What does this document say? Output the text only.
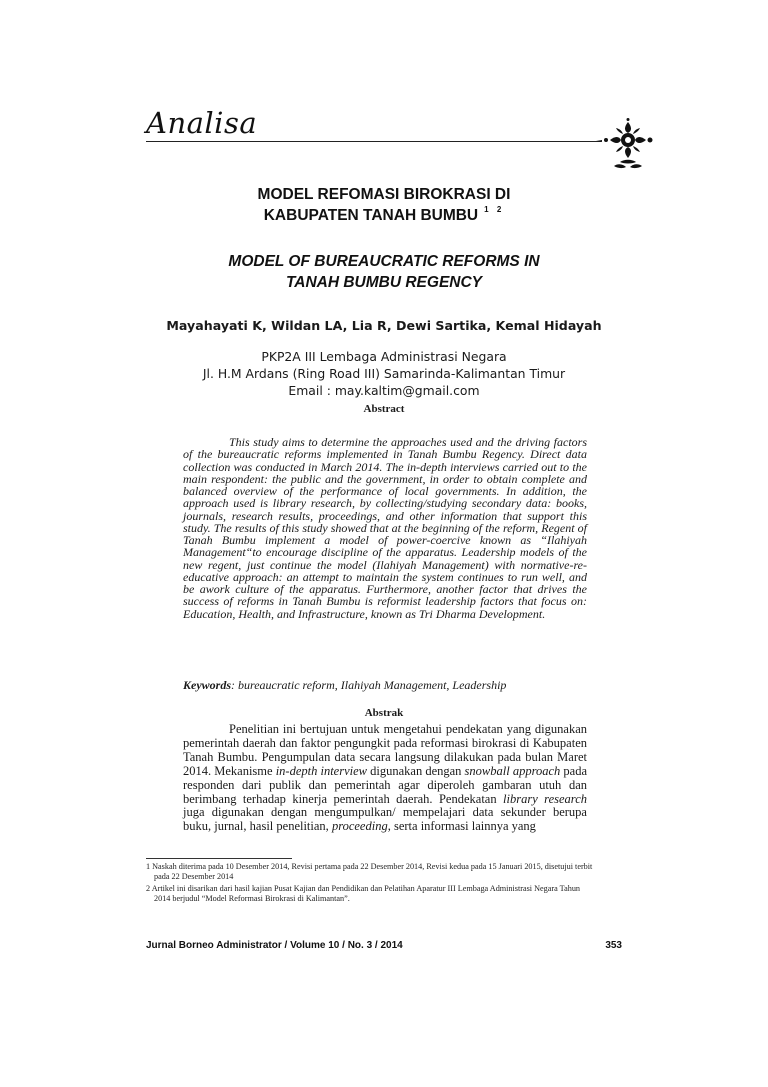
Analisa
MODEL REFOMASI BIROKRASI DI
KABUPATEN TANAH BUMBU $^{1 2}$
MODEL OF BUREAUCRATIC REFORMS IN
TANAH BUMBU REGENCY
Mayahayati K, Wildan LA, Lia R, Dewi Sartika, Kemal Hidayah
PKP2A III Lembaga Administrasi Negara
Jl. H.M Ardans (Ring Road III) Samarinda-Kalimantan Timur
Email : may.kaltim@gmail.com
Abstract

This study aims to determine the approaches used and the driving factors of the bureaucratic reforms implemented in Tanah Bumbu Regency. Direct data collection was conducted in March 2014. The in-depth interviews carried out to the main respondent: the public and the government, in order to obtain complete and balanced overview of the performance of local governments. In addition, the approach used is library research, by collecting/studying secondary data: books, journals, research results, proceedings, and other information that support this study. The results of this study showed that at the beginning of the reform, Regent of Tanah Bumbu implement a model of power-coercive known as “Ilahiyah Management“to encourage discipline of the apparatus. Leadership models of the new regent, just continue the model (Ilahiyah Management) with normative-re-educative approach: an attempt to maintain the system continues to run well, and be awork culture of the apparatus. Furthermore, another factor that drives the success of reforms in Tanah Bumbu is reformist leadership factors that focus on: Education, Health, and Infrastructure, known as Tri Dharma Development.

Keywords: bureaucratic reform, Ilahiyah Management, Leadership
Abstrak

Penelitian ini bertujuan untuk mengetahui pendekatan yang digunakan pemerintah daerah dan faktor pengungkit pada reformasi birokrasi di Kabupaten Tanah Bumbu. Pengumpulan data secara langsung dilakukan pada bulan Maret 2014. Mekanisme in-depth interview digunakan dengan snowball approach pada responden dari publik dan pemerintah agar diperoleh gambaran utuh dan berimbang terhadap kinerja pemerintah daerah. Pendekatan library research juga digunakan dengan mengumpulkan/ mempelajari data sekunder berupa buku, jurnal, hasil penelitian, proceeding, serta informasi lainnya yang

1 Naskah diterima pada 10 Desember 2014, Revisi pertama pada 22 Desember 2014, Revisi kedua pada 15 Januari 2015, disetujui terbit
pada 22 Desember 2014
2 Artikel ini disarikan dari hasil kajian Pusat Kajian dan Pendidikan dan Pelatihan Aparatur III Lembaga Administrasi Negara Tahun
2014 berjudul “Model Reformasi Birokrasi di Kalimantan”.
Jurnal Borneo Administrator / Volume 10 / No. 3 / 2014	353
